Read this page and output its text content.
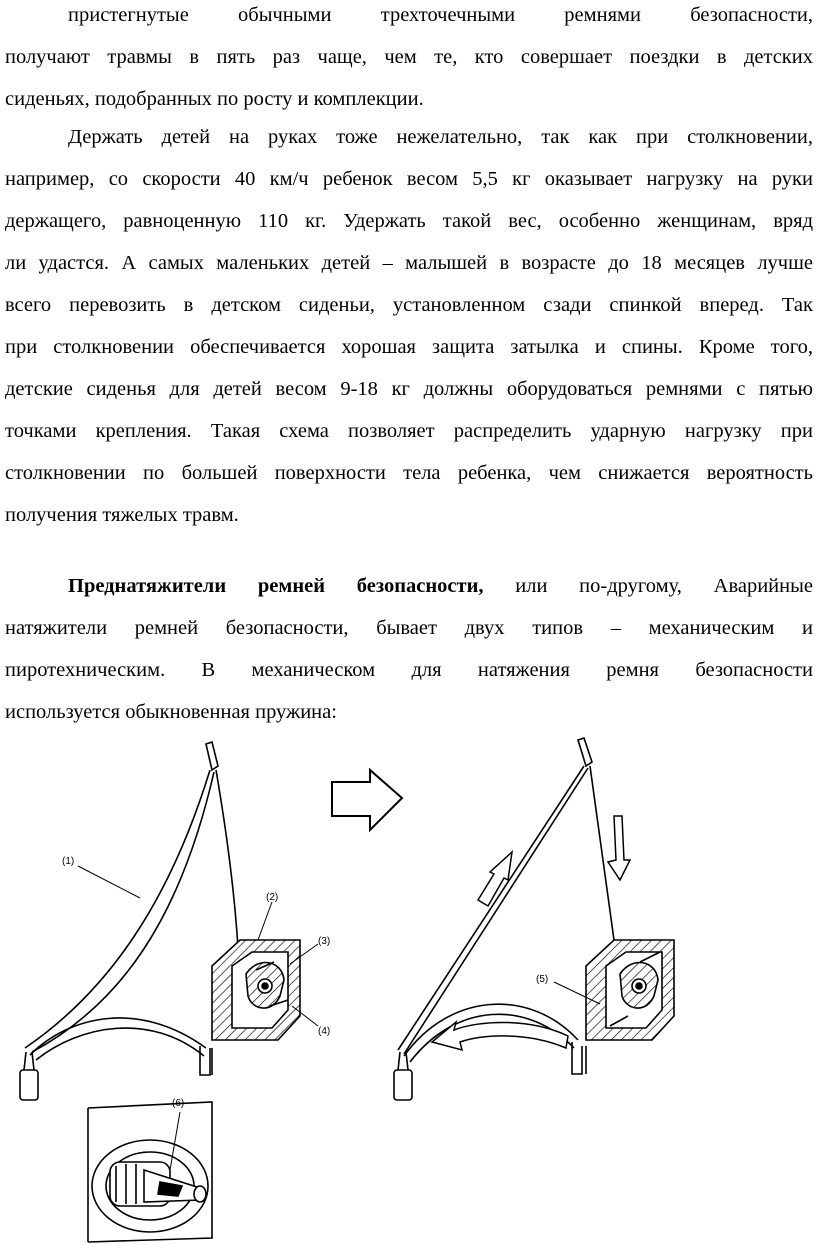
пристегнутые обычными трехточечными ремнями безопасности,
получают травмы в пять раз чаще, чем те, кто совершает поездки в детских
сиденьях, подобранных по росту и комплекции.
Держать детей на руках тоже нежелательно, так как при столкновении,
например, со скорости 40 км/ч ребенок весом 5,5 кг оказывает нагрузку на руки
держащего, равноценную 110 кг. Удержать такой вес, особенно женщинам, вряд
ли удастся. А самых маленьких детей – малышей в возрасте до 18 месяцев лучше
всего перевозить в детском сиденьи, установленном сзади спинкой вперед. Так
при столкновении обеспечивается хорошая защита затылка и спины. Кроме того,
детские сиденья для детей весом 9-18 кг должны оборудоваться ремнями с пятью
точками крепления. Такая схема позволяет распределить ударную нагрузку при
столкновении по большей поверхности тела ребенка, чем снижается вероятность
получения тяжелых травм.
Преднатяжители ремней безопасности, или по-другому, Аварийные
натяжители ремней безопасности, бывает двух типов – механическим и
пиротехническим. В механическом для натяжения ремня безопасности
используется обыкновенная пружина:
(1)
(2)
(3)
(4)
(5)
(6)
